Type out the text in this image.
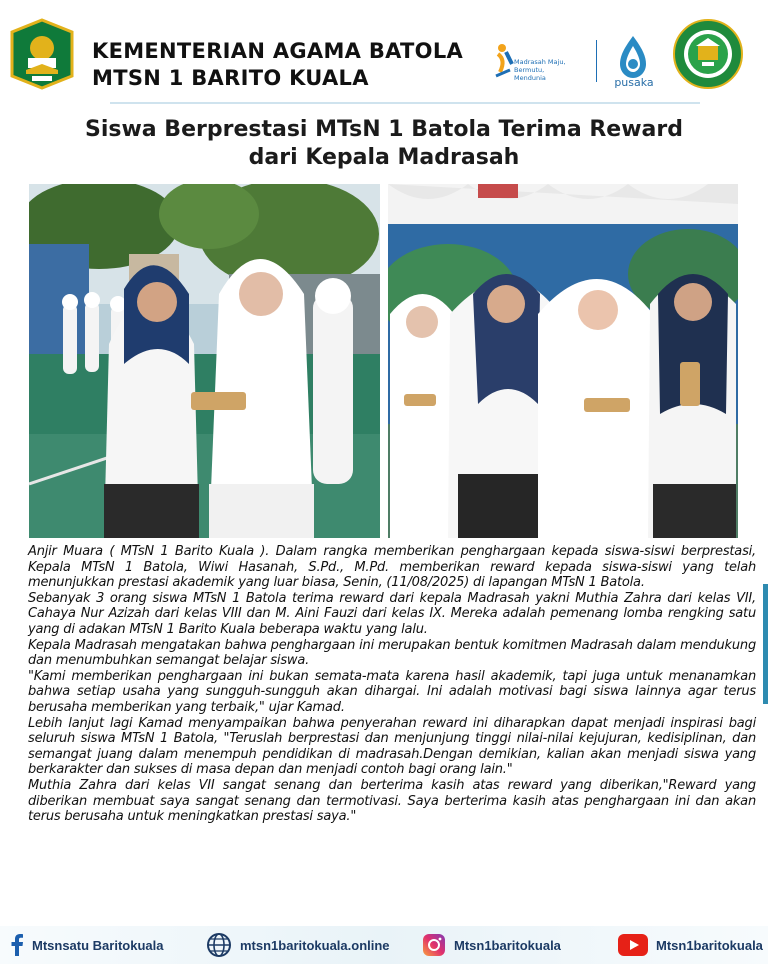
KEMENTERIAN AGAMA BATOLA
MTSN 1 BARITO KUALA
Madrasah Maju, Bermutu, Mendunia	pusaka
Siswa Berprestasi MTsN 1 Batola Terima Reward
dari Kepala Madrasah

Anjir Muara ( MTsN 1 Barito Kuala ). Dalam rangka memberikan penghargaan kepada siswa-siswi berprestasi, Kepala MTsN 1 Batola, Wiwi Hasanah, S.Pd., M.Pd. memberikan reward kepada siswa-siswi yang telah menunjukkan prestasi akademik yang luar biasa, Senin, (11/08/2025) di lapangan MTsN 1 Batola.

Sebanyak 3 orang siswa MTsN 1 Batola terima reward dari kepala Madrasah yakni Muthia Zahra dari kelas VII, Cahaya Nur Azizah dari kelas VIII dan M. Aini Fauzi dari kelas IX. Mereka adalah pemenang lomba rengking satu yang di adakan MTsN 1 Barito Kuala beberapa waktu yang lalu.

Kepala Madrasah mengatakan bahwa penghargaan ini merupakan bentuk komitmen Madrasah dalam mendukung dan menumbuhkan semangat belajar siswa.

"Kami memberikan penghargaan ini bukan semata-mata karena hasil akademik, tapi juga untuk menanamkan bahwa setiap usaha yang sungguh-sungguh akan dihargai. Ini adalah motivasi bagi siswa lainnya agar terus berusaha memberikan yang terbaik," ujar Kamad.

Lebih lanjut lagi Kamad menyampaikan bahwa penyerahan reward ini diharapkan dapat menjadi inspirasi bagi seluruh siswa MTsN 1 Batola, "Teruslah berprestasi dan menjunjung tinggi nilai-nilai kejujuran, kedisiplinan, dan semangat juang dalam menempuh pendidikan di madrasah.Dengan demikian, kalian akan menjadi siswa yang berkarakter dan sukses di masa depan dan menjadi contoh bagi orang lain."

Muthia Zahra dari kelas VII sangat senang dan berterima kasih atas reward yang diberikan,"Reward yang diberikan membuat saya sangat senang dan termotivasi. Saya berterima kasih atas penghargaan ini dan akan terus berusaha untuk meningkatkan prestasi saya."

Mtsnsatu Baritokuala	mtsn1baritokuala.online	Mtsn1baritokuala	Mtsn1baritokuala
